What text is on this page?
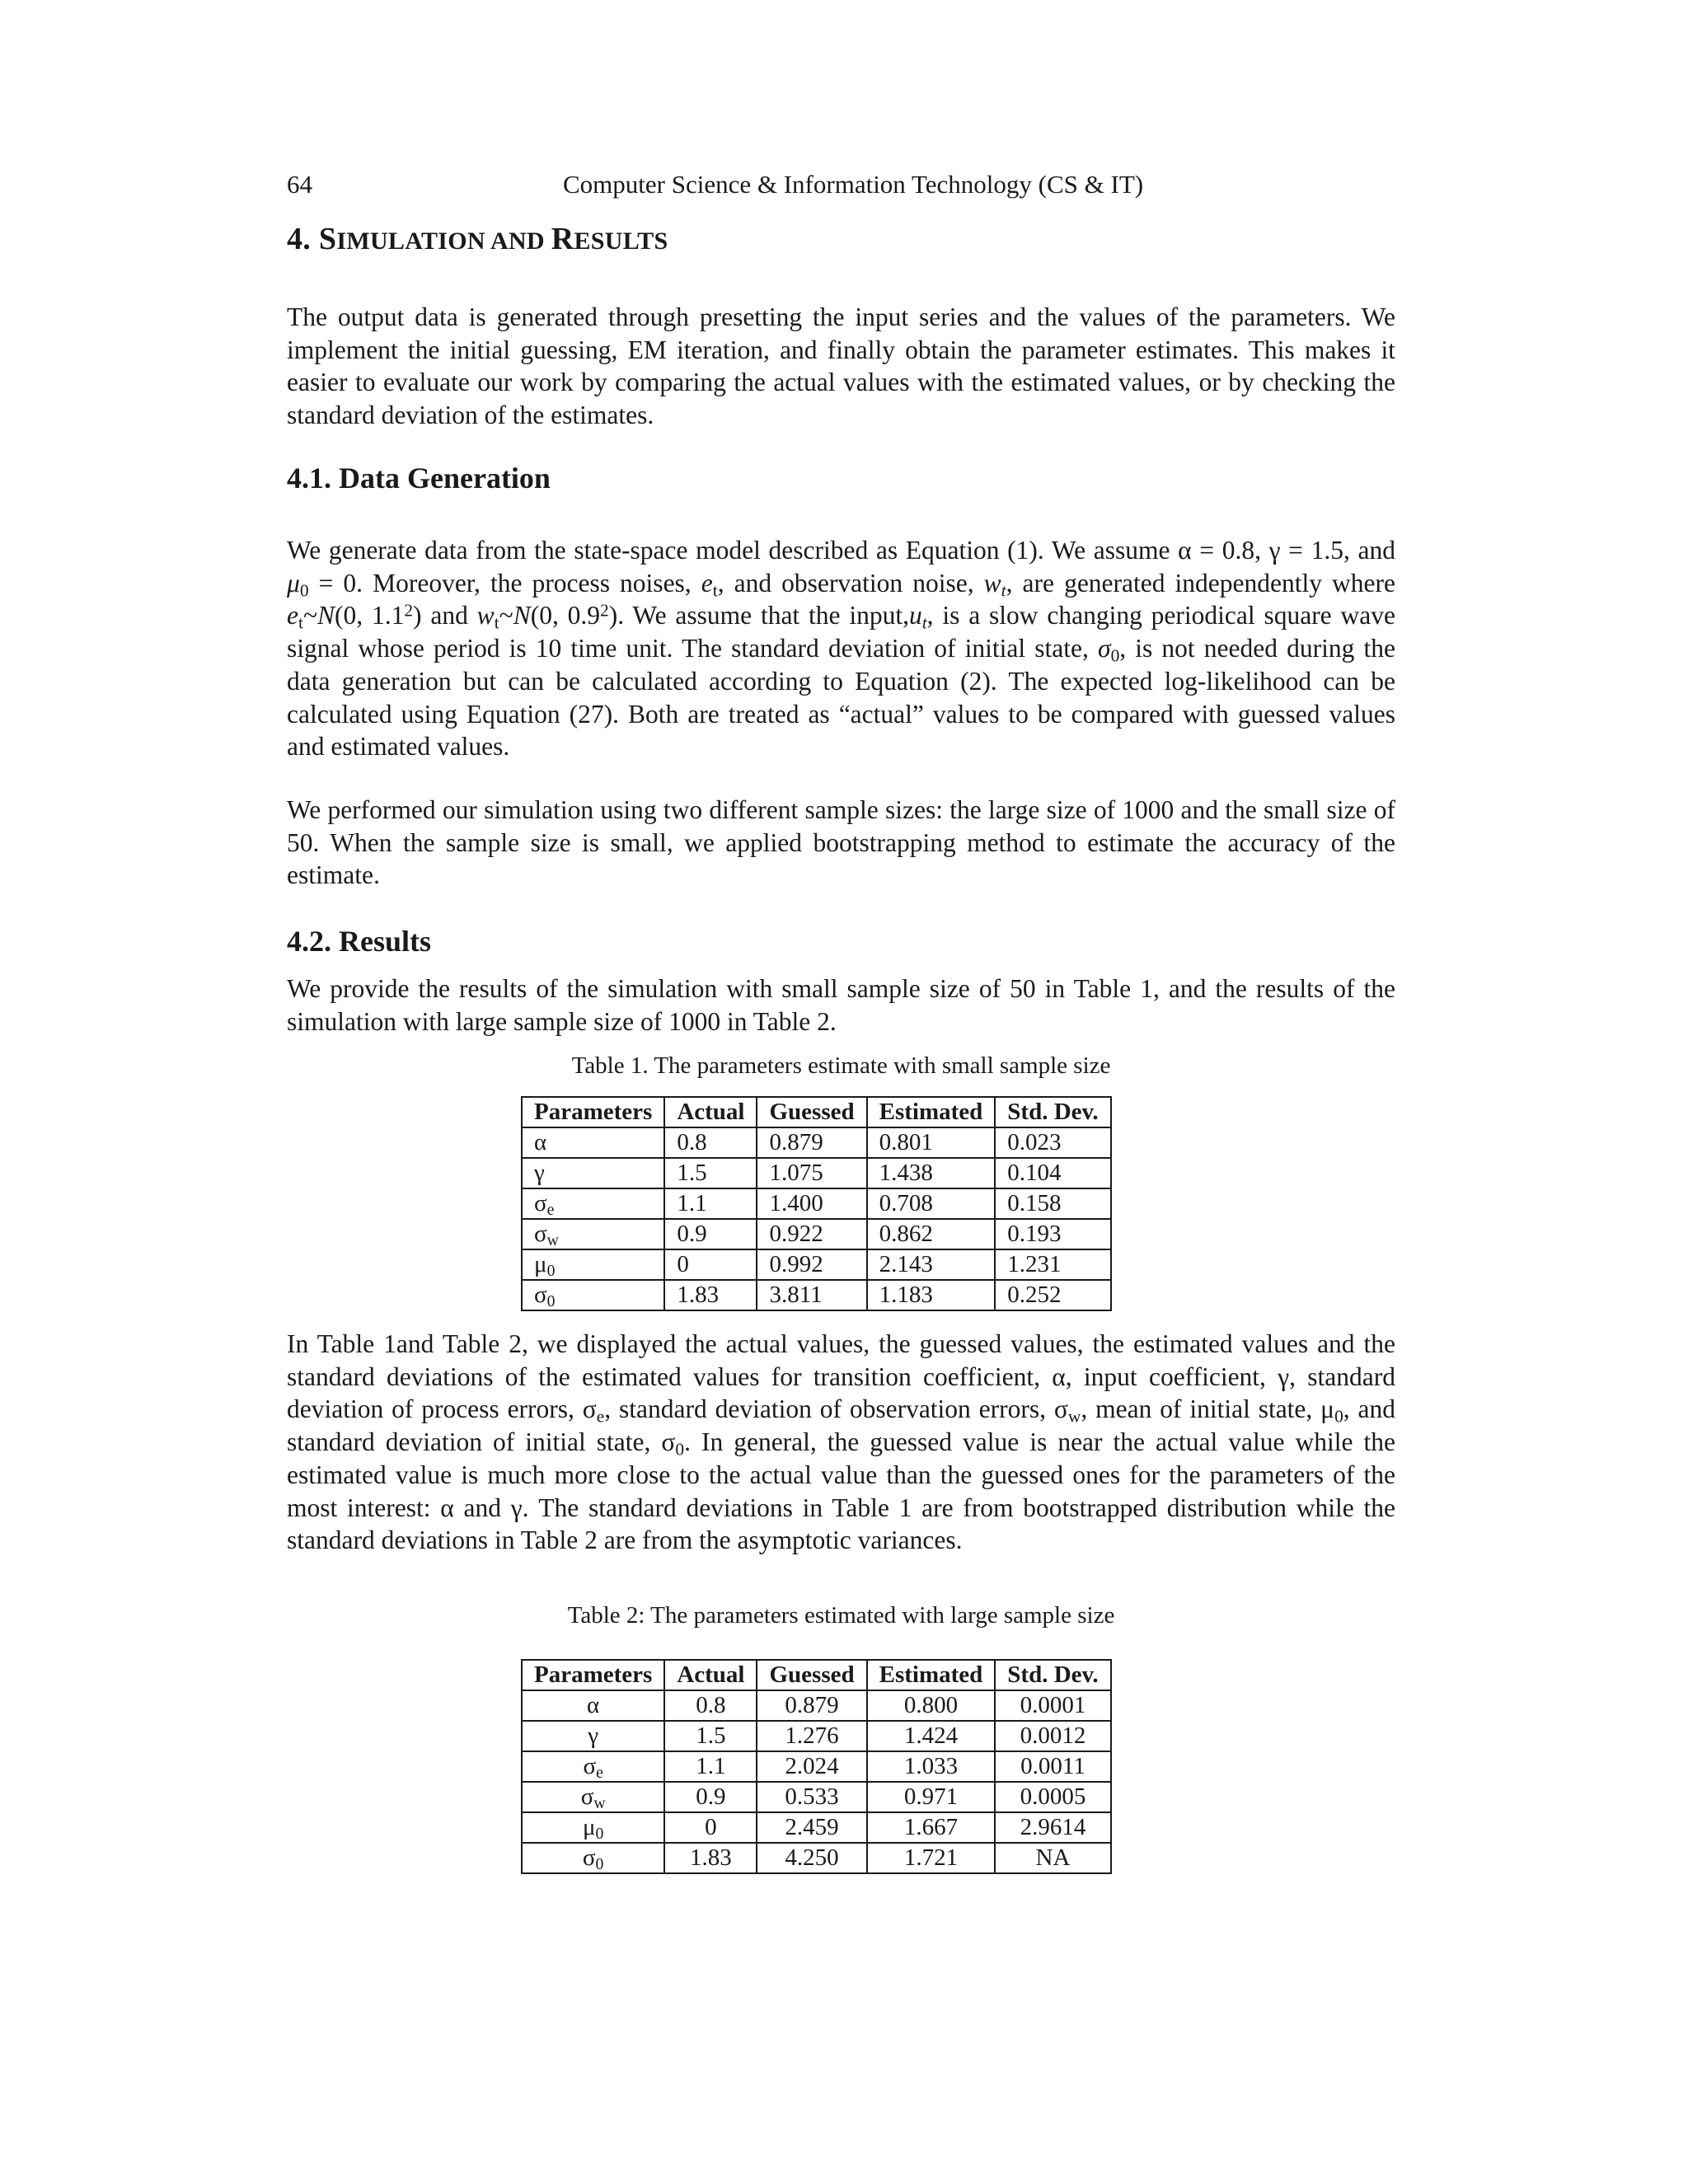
64	Computer Science & Information Technology (CS & IT)
4. SIMULATION AND RESULTS

The output data is generated through presetting the input series and the values of the parameters. We implement the initial guessing, EM iteration, and finally obtain the parameter estimates. This makes it easier to evaluate our work by comparing the actual values with the estimated values, or by checking the standard deviation of the estimates.

4.1. Data Generation

We generate data from the state-space model described as Equation (1). We assume α = 0.8, γ = 1.5, and $\mu_0 = 0$. Moreover, the process noises, $e_t$, and observation noise, $w_t$, are generated independently where $e_t\sim N(0$, $1.1^2$) and $w_t\sim N(0$, $0.9^2$). We assume that the $input,u_t$, is a slow changing periodical square wave signal whose period is 10 time unit. The standard deviation of initial state, $\sigma_0$, is not needed during the data generation but can be calculated according to Equation (2). The expected log-likelihood can be calculated using Equation (27). Both are treated as “actual” values to be compared with guessed values and estimated values.

We performed our simulation using two different sample sizes: the large size of 1000 and the small size of 50. When the sample size is small, we applied bootstrapping method to estimate the accuracy of the estimate.

4.2. Results

We provide the results of the simulation with small sample size of 50 in Table 1, and the results of the simulation with large sample size of 1000 in Table 2.

Table 1. The parameters estimate with small sample size

Parameters	Actual	Guessed	Estimated	Std. Dev.
α	0.8	0.879	0.801	0.023
γ	1.5	1.075	1.438	0.104
$\sigma_e$	1.1	1.400	0.708	0.158
$\sigma_w$	0.9	0.922	0.862	0.193
$\mu_0$	0	0.992	2.143	1.231
$\sigma_0$	1.83	3.811	1.183	0.252

In Table 1and Table 2, we displayed the actual values, the guessed values, the estimated values and the standard deviations of the estimated values for transition coefficient, α, input coefficient, γ, standard deviation of process errors, $\sigma_e$, standard deviation of observation errors, $\sigma_w$, mean of initial state, $\mu_0$, and standard deviation of initial state, $\sigma_0$. In general, the guessed value is near the actual value while the estimated value is much more close to the actual value than the guessed ones for the parameters of the most interest: α and γ. The standard deviations in Table 1 are from bootstrapped distribution while the standard deviations in Table 2 are from the asymptotic variances.

Table 2: The parameters estimated with large sample size

Parameters	Actual	Guessed	Estimated	Std. Dev.
α	0.8	0.879	0.800	0.0001
γ	1.5	1.276	1.424	0.0012
$\sigma_e$	1.1	2.024	1.033	0.0011
$\sigma_w$	0.9	0.533	0.971	0.0005
$\mu_0$	0	2.459	1.667	2.9614
$\sigma_0$	1.83	4.250	1.721	NA
